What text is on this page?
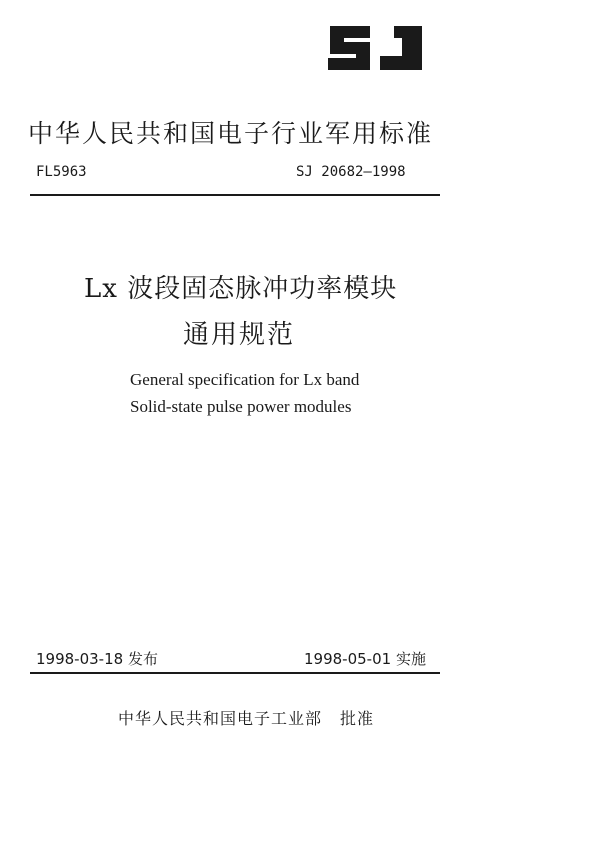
中华人民共和国电子行业军用标准
FL5963	SJ 20682—1998
Lx 波段固态脉冲功率模块
通用规范
General specification for Lx band
Solid-state pulse power modules
1998-03-18 发布	1998-05-01 实施
中华人民共和国电子工业部 批准
